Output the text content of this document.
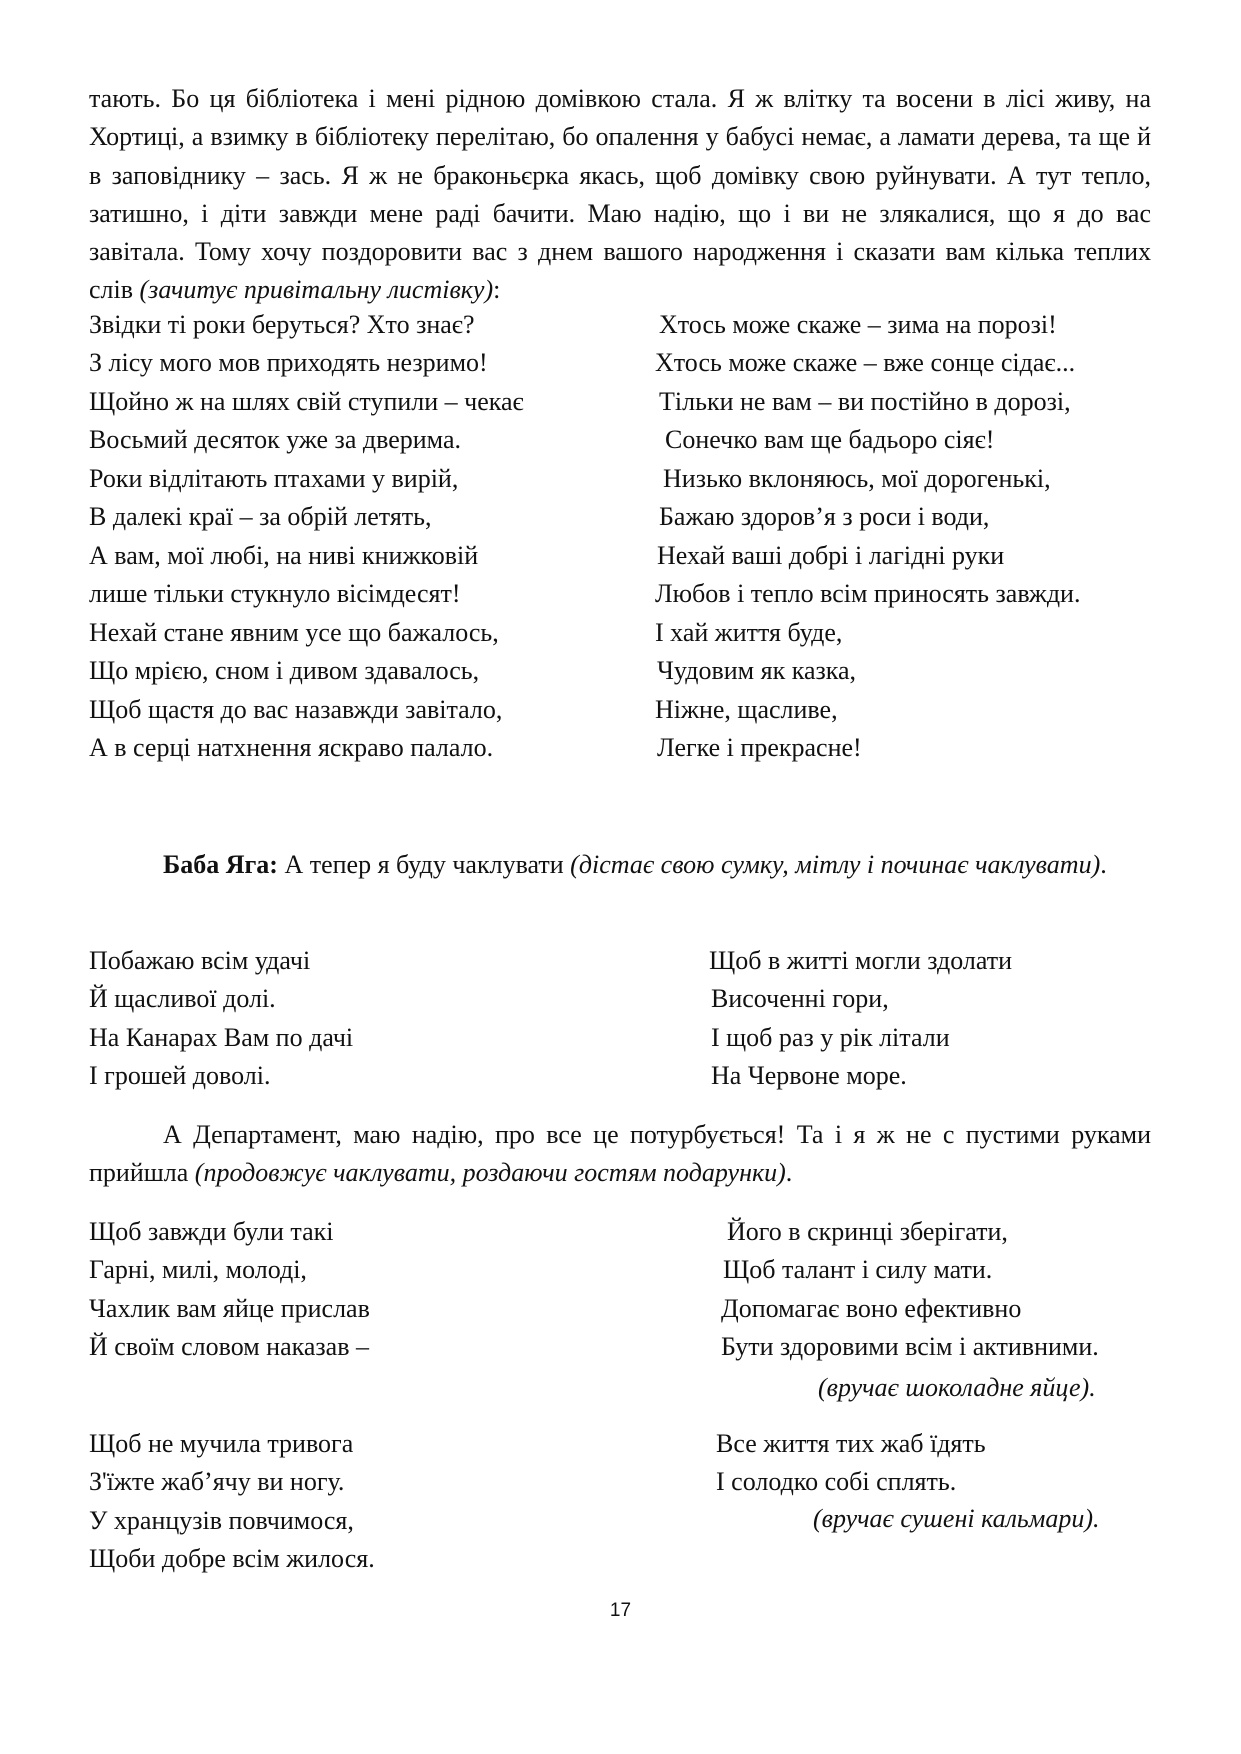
тають. Бо ця бібліотека і мені рідною домівкою стала. Я ж влітку та восени в лісі живу, на Хортиці, а взимку в бібліотеку перелітаю, бо опалення у бабусі немає, а ламати дерева, та ще й в заповіднику – зась. Я ж не браконьєрка якась, щоб домівку свою руйнувати. А тут тепло, затишно, і діти завжди мене раді бачити. Маю надію, що і ви не злякалися, що я до вас завітала. Тому хочу поздоровити вас з днем вашого народження і сказати вам кілька теплих слів (зачитує привітальну листівку):

Звідки ті роки беруться? Хто знає?
З лісу мого мов приходять незримо!
Щойно ж на шлях свій ступили – чекає
Восьмий десяток уже за дверима.
Роки відлітають птахами у вирій,
В далекі краї – за обрій летять,
А вам, мої любі, на ниві книжковій
лише тільки стукнуло вісімдесят!
Нехай стане явним усе що бажалось,
Що мрією, сном і дивом здавалось,
Щоб щастя до вас назавжди завітало,
А в серці натхнення яскраво палало.
Хтось може скаже – зима на порозі!
Хтось може скаже – вже сонце сідає...
Тільки не вам – ви постійно в дорозі,
Сонечко вам ще бадьоро сіяє!
Низько вклоняюсь, мої дорогенькі,
Бажаю здоров’я з роси і води,
Нехай ваші добрі і лагідні руки
Любов і тепло всім приносять завжди.
І хай життя буде,
Чудовим як казка,
Ніжне, щасливе,
Легке і прекрасне!

Баба Яга: А тепер я буду чаклувати (дістає свою сумку, мітлу і починає чаклувати).

Побажаю всім удачі
Й щасливої долі.
На Канарах Вам по дачі
І грошей доволі.
Щоб в житті могли здолати
Височенні гори,
І щоб раз у рік літали
На Червоне море.

А Департамент, маю надію, про все це потурбується! Та і я ж не с пустими руками прийшла (продовжує чаклувати, роздаючи гостям подарунки).

Щоб завжди були такі
Гарні, милі, молоді,
Чахлик вам яйце прислав
Й своїм словом наказав –
Його в скринці зберігати,
Щоб талант і силу мати.
Допомагає воно ефективно
Бути здоровими всім і активними.
(вручає шоколадне яйце).
Щоб не мучила тривога
З'їжте жаб’ячу ви ногу.
У хранцузів повчимося,
Щоби добре всім жилося.
Все життя тих жаб їдять
І солодко собі сплять.
(вручає сушені кальмари).
17
